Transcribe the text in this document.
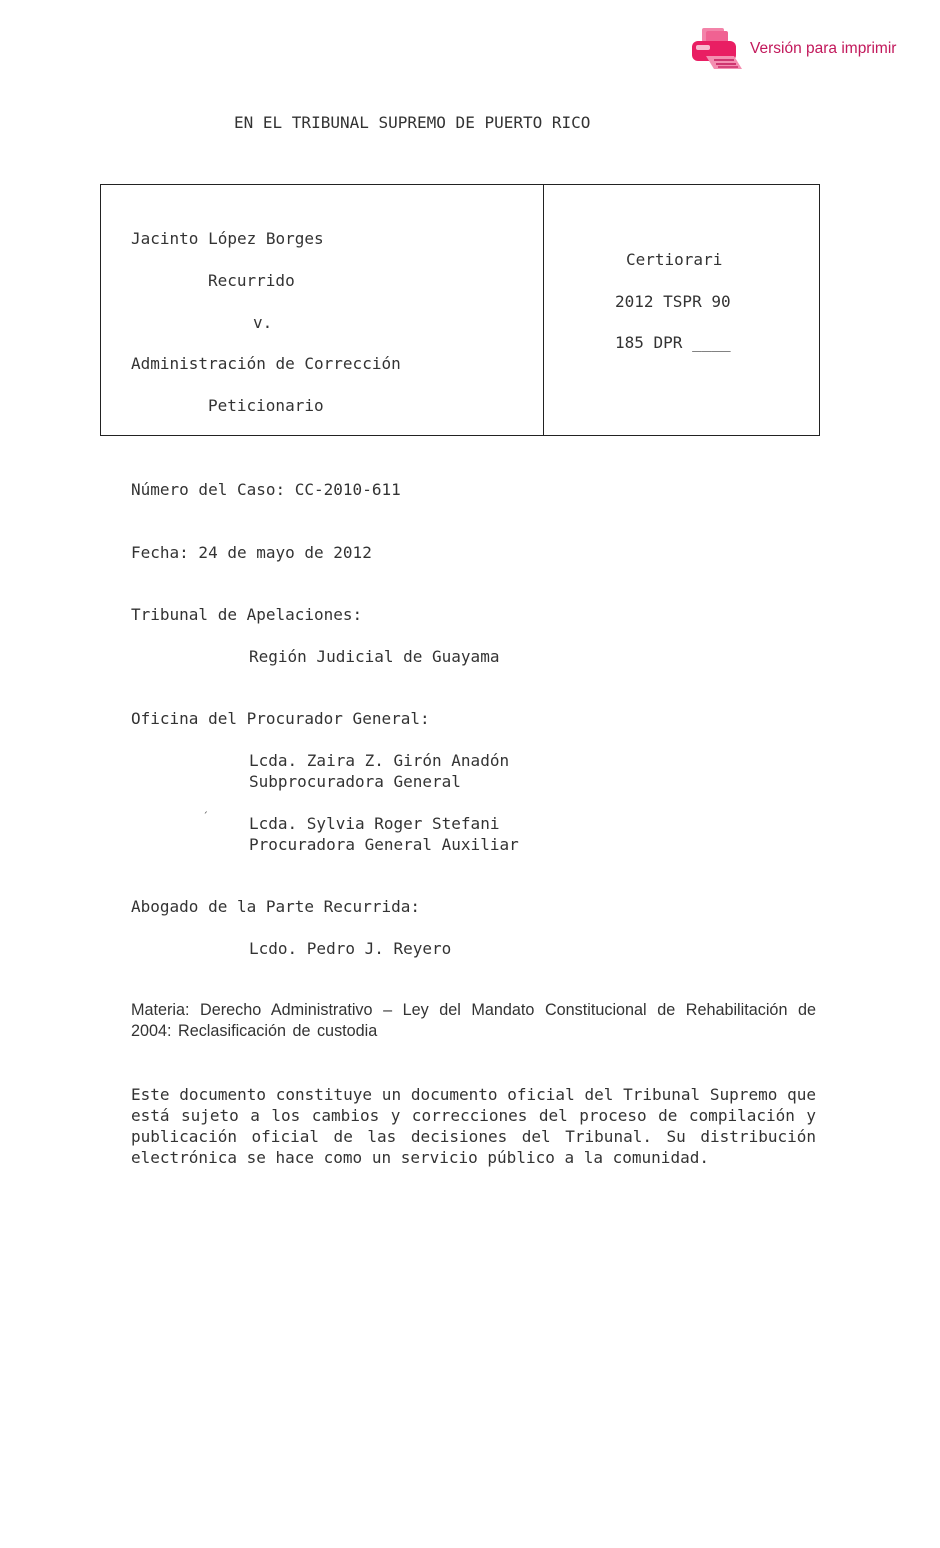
Versión para imprimir
EN EL TRIBUNAL SUPREMO DE PUERTO RICO
Jacinto López Borges
Recurrido
v.
Administración de Corrección
Peticionario
Certiorari
2012 TSPR 90
185 DPR ____
Número del Caso: CC-2010-611
Fecha: 24 de mayo de 2012
Tribunal de Apelaciones:
Región Judicial de Guayama
Oficina del Procurador General:
Lcda. Zaira Z. Girón Anadón
Subprocuradora General
´	Lcda. Sylvia Roger Stefani
Procuradora General Auxiliar
Abogado de la Parte Recurrida:
Lcdo. Pedro J. Reyero
Materia: Derecho Administrativo – Ley del Mandato Constitucional de Rehabilitación de 2004: Reclasificación de custodia
Este documento constituye un documento oficial del Tribunal Supremo que está sujeto a los cambios y correcciones del proceso de compilación y publicación oficial de las decisiones del Tribunal. Su distribución electrónica se hace como un servicio público a la comunidad.
